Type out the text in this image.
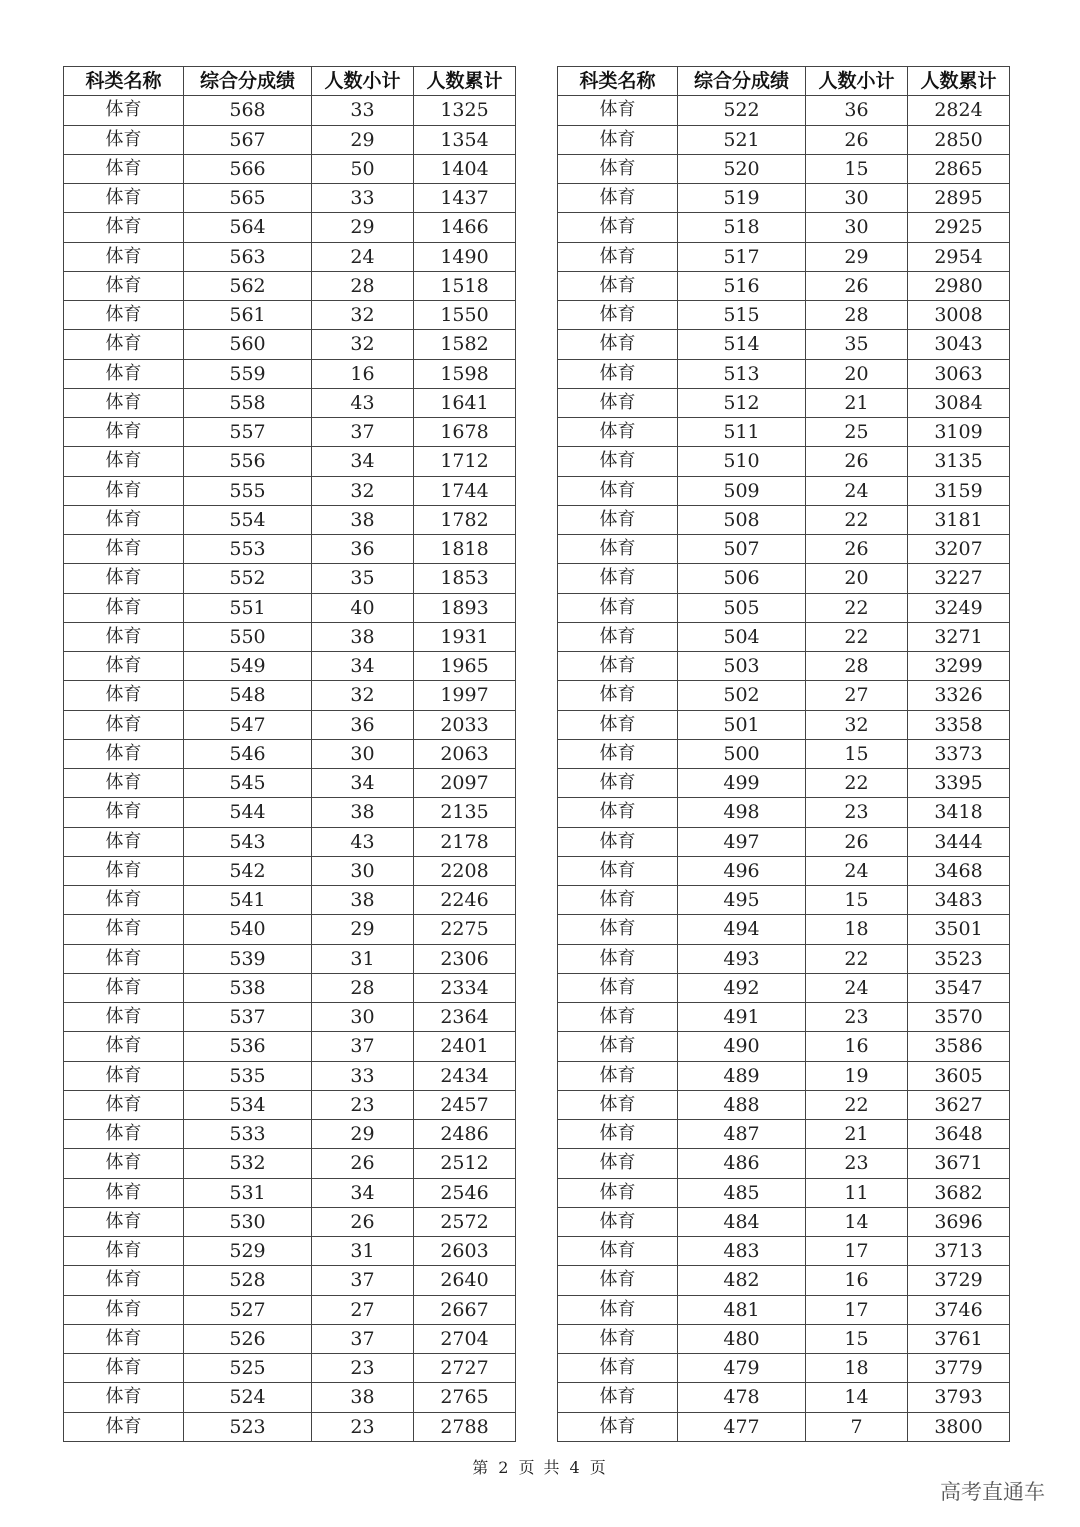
科类名称	综合分成绩	人数小计	人数累计
体育	568	33	1325
体育	567	29	1354
体育	566	50	1404
体育	565	33	1437
体育	564	29	1466
体育	563	24	1490
体育	562	28	1518
体育	561	32	1550
体育	560	32	1582
体育	559	16	1598
体育	558	43	1641
体育	557	37	1678
体育	556	34	1712
体育	555	32	1744
体育	554	38	1782
体育	553	36	1818
体育	552	35	1853
体育	551	40	1893
体育	550	38	1931
体育	549	34	1965
体育	548	32	1997
体育	547	36	2033
体育	546	30	2063
体育	545	34	2097
体育	544	38	2135
体育	543	43	2178
体育	542	30	2208
体育	541	38	2246
体育	540	29	2275
体育	539	31	2306
体育	538	28	2334
体育	537	30	2364
体育	536	37	2401
体育	535	33	2434
体育	534	23	2457
体育	533	29	2486
体育	532	26	2512
体育	531	34	2546
体育	530	26	2572
体育	529	31	2603
体育	528	37	2640
体育	527	27	2667
体育	526	37	2704
体育	525	23	2727
体育	524	38	2765
体育	523	23	2788
科类名称	综合分成绩	人数小计	人数累计
体育	522	36	2824
体育	521	26	2850
体育	520	15	2865
体育	519	30	2895
体育	518	30	2925
体育	517	29	2954
体育	516	26	2980
体育	515	28	3008
体育	514	35	3043
体育	513	20	3063
体育	512	21	3084
体育	511	25	3109
体育	510	26	3135
体育	509	24	3159
体育	508	22	3181
体育	507	26	3207
体育	506	20	3227
体育	505	22	3249
体育	504	22	3271
体育	503	28	3299
体育	502	27	3326
体育	501	32	3358
体育	500	15	3373
体育	499	22	3395
体育	498	23	3418
体育	497	26	3444
体育	496	24	3468
体育	495	15	3483
体育	494	18	3501
体育	493	22	3523
体育	492	24	3547
体育	491	23	3570
体育	490	16	3586
体育	489	19	3605
体育	488	22	3627
体育	487	21	3648
体育	486	23	3671
体育	485	11	3682
体育	484	14	3696
体育	483	17	3713
体育	482	16	3729
体育	481	17	3746
体育	480	15	3761
体育	479	18	3779
体育	478	14	3793
体育	477	7	3800
第 2 页 共 4 页
高考直通车
